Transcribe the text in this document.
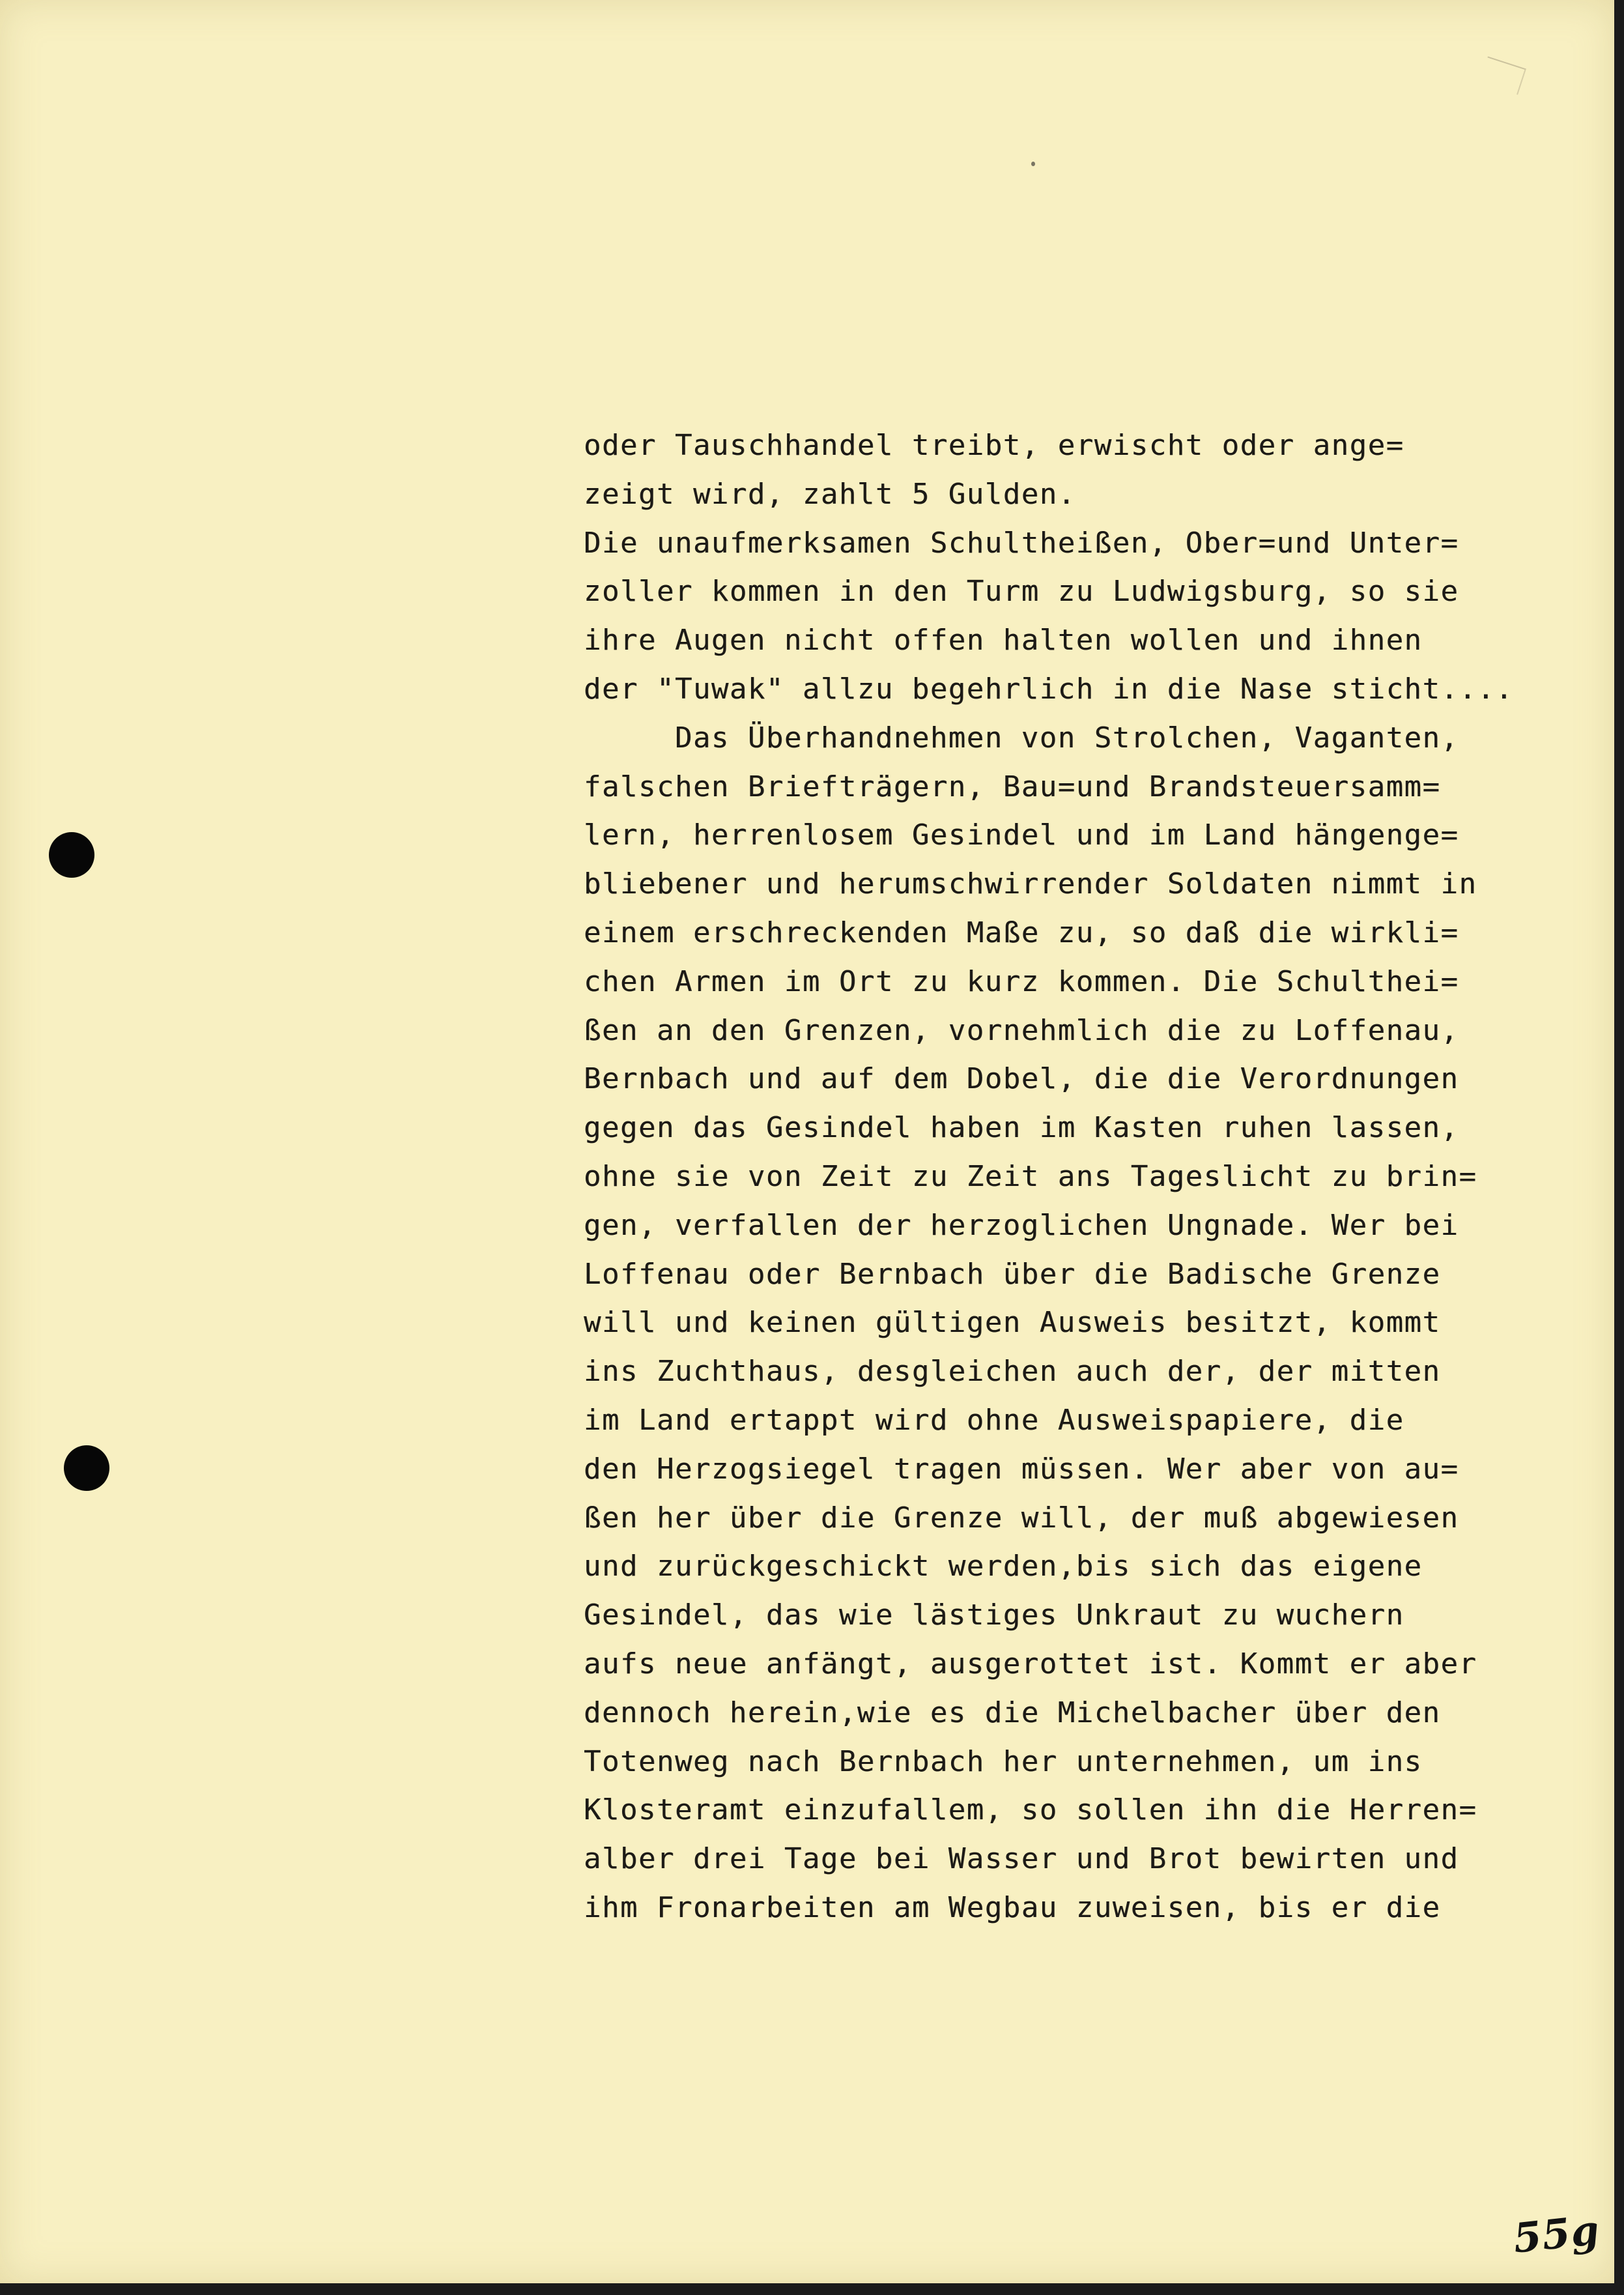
oder Tauschhandel treibt, erwischt oder ange=
zeigt wird, zahlt 5 Gulden.
Die unaufmerksamen Schultheißen, Ober=und Unter=
zoller kommen in den Turm zu Ludwigsburg, so sie
ihre Augen nicht offen halten wollen und ihnen
der "Tuwak" allzu begehrlich in die Nase sticht....
Das Überhandnehmen von Strolchen, Vaganten,
falschen Briefträgern, Bau=und Brandsteuersamm=
lern, herrenlosem Gesindel und im Land hängenge=
bliebener und herumschwirrender Soldaten nimmt in
einem erschreckenden Maße zu, so daß die wirkli=
chen Armen im Ort zu kurz kommen. Die Schulthei=
ßen an den Grenzen, vornehmlich die zu Loffenau,
Bernbach und auf dem Dobel, die die Verordnungen
gegen das Gesindel haben im Kasten ruhen lassen,
ohne sie von Zeit zu Zeit ans Tageslicht zu brin=
gen, verfallen der herzoglichen Ungnade. Wer bei
Loffenau oder Bernbach über die Badische Grenze
will und keinen gültigen Ausweis besitzt, kommt
ins Zuchthaus, desgleichen auch der, der mitten
im Land ertappt wird ohne Ausweispapiere, die
den Herzogsiegel tragen müssen. Wer aber von au=
ßen her über die Grenze will, der muß abgewiesen
und zurückgeschickt werden,bis sich das eigene
Gesindel, das wie lästiges Unkraut zu wuchern
aufs neue anfängt, ausgerottet ist. Kommt er aber
dennoch herein,wie es die Michelbacher über den
Totenweg nach Bernbach her unternehmen, um ins
Klosteramt einzufallem, so sollen ihn die Herren=
alber drei Tage bei Wasser und Brot bewirten und
ihm Fronarbeiten am Wegbau zuweisen, bis er die
55g
